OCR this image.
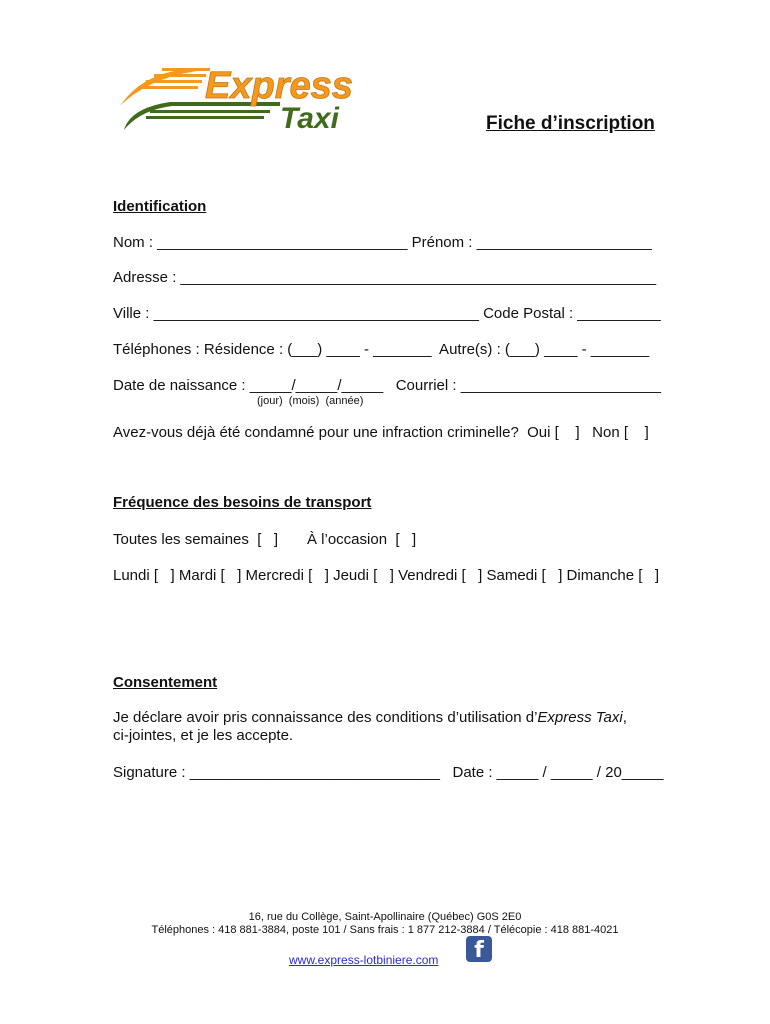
Express
Taxi	Fiche d’inscription
Identification
Nom : ______________________________ Prénom : _____________________
Adresse : _________________________________________________________
Ville : _______________________________________ Code Postal : __________
Téléphones : Résidence : (___) ____ - _______  Autre(s) : (___) ____ - _______
Date de naissance : _____/_____/_____   Courriel : ________________________
(jour)  (mois)  (année)
Avez-vous déjà été condamné pour une infraction criminelle?  Oui [    ]   Non [    ]
Fréquence des besoins de transport
Toutes les semaines  [   ] À l’occasion  [   ]
Lundi [   ] Mardi [   ] Mercredi [   ] Jeudi [   ] Vendredi [   ] Samedi [   ] Dimanche [   ]
Consentement
Je déclare avoir pris connaissance des conditions d’utilisation d’Express Taxi,
ci-jointes, et je les accepte.
Signature : ______________________________   Date : _____ / _____ / 20_____
16, rue du Collège, Saint-Apollinaire (Québec) G0S 2E0
Téléphones : 418 881-3884, poste 101 / Sans frais : 1 877 212-3884 / Télécopie : 418 881-4021
www.express-lotbiniere.com	f
